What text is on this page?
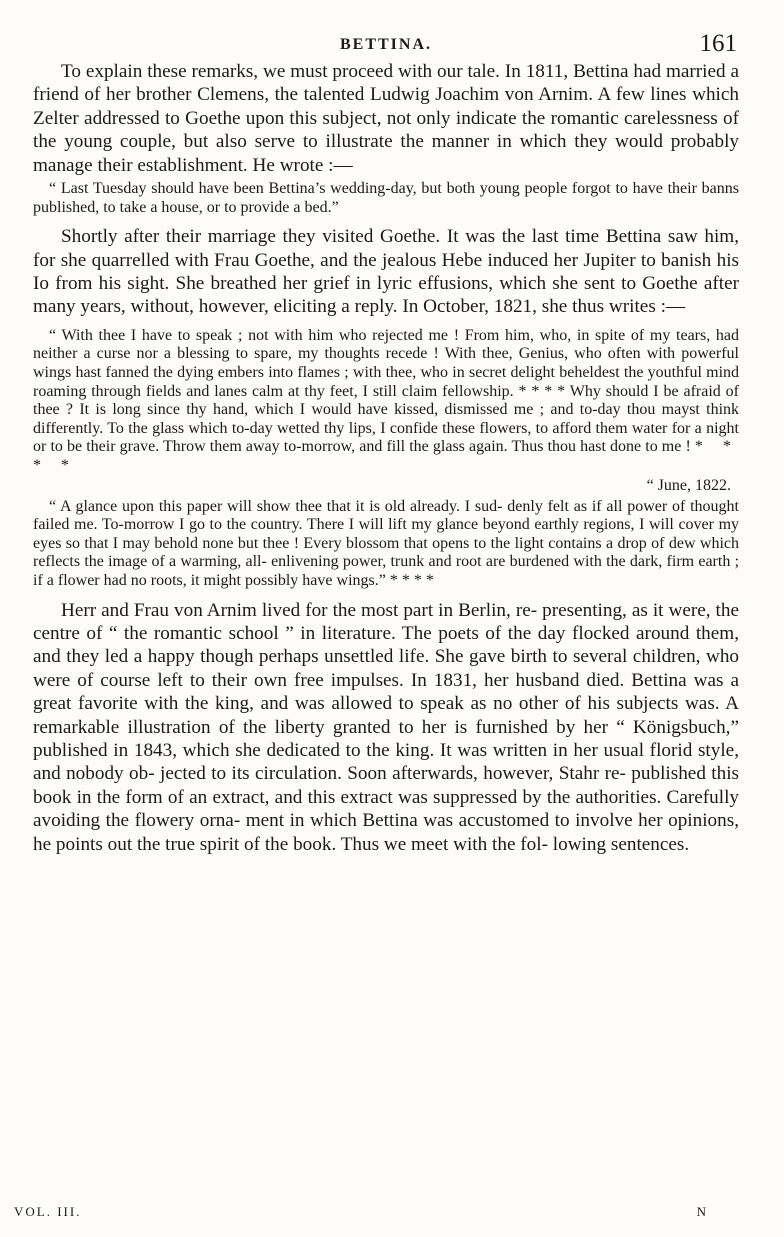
BETTINA.	161

To explain these remarks, we must proceed with our tale. In 1811, Bettina had married a friend of her brother Clemens, the talented Ludwig Joachim von Arnim. A few lines which Zelter addressed to Goethe upon this subject, not only indicate the romantic carelessness of the young couple, but also serve to illustrate the manner in which they would probably manage their establishment. He wrote :—

“ Last Tuesday should have been Bettina’s wedding-day, but both young people forgot to have their banns published, to take a house, or to provide a bed.”

Shortly after their marriage they visited Goethe. It was the last time Bettina saw him, for she quarrelled with Frau Goethe, and the jealous Hebe induced her Jupiter to banish his Io from his sight. She breathed her grief in lyric effusions, which she sent to Goethe after many years, without, however, eliciting a reply. In October, 1821, she thus writes :—

“ With thee I have to speak ; not with him who rejected me ! From him, who, in spite of my tears, had neither a curse nor a blessing to spare, my thoughts recede ! With thee, Genius, who often with powerful wings hast fanned the dying embers into flames ; with thee, who in secret delight beheldest the youthful mind roaming through fields and lanes calm at thy feet, I still claim fellowship. * * * * Why should I be afraid of thee ? It is long since thy hand, which I would have kissed, dismissed me ; and to-day thou mayst think differently. To the glass which to-day wetted thy lips, I confide these flowers, to afford them water for a night or to be their grave. Throw them away to-morrow, and fill the glass again. Thus thou hast done to me ! * * * *

“ June, 1822.

“ A glance upon this paper will show thee that it is old already. I sud- denly felt as if all power of thought failed me. To-morrow I go to the country. There I will lift my glance beyond earthly regions, I will cover my eyes so that I may behold none but thee ! Every blossom that opens to the light contains a drop of dew which reflects the image of a warming, all- enlivening power, trunk and root are burdened with the dark, firm earth ; if a flower had no roots, it might possibly have wings.” * * * *

Herr and Frau von Arnim lived for the most part in Berlin, re- presenting, as it were, the centre of “ the romantic school ” in literature. The poets of the day flocked around them, and they led a happy though perhaps unsettled life. She gave birth to several children, who were of course left to their own free impulses. In 1831, her husband died. Bettina was a great favorite with the king, and was allowed to speak as no other of his subjects was. A remarkable illustration of the liberty granted to her is furnished by her “ Königsbuch,” published in 1843, which she dedicated to the king. It was written in her usual florid style, and nobody ob- jected to its circulation. Soon afterwards, however, Stahr re- published this book in the form of an extract, and this extract was suppressed by the authorities. Carefully avoiding the flowery orna- ment in which Bettina was accustomed to involve her opinions, he points out the true spirit of the book. Thus we meet with the fol- lowing sentences.

VOL. III.	N
